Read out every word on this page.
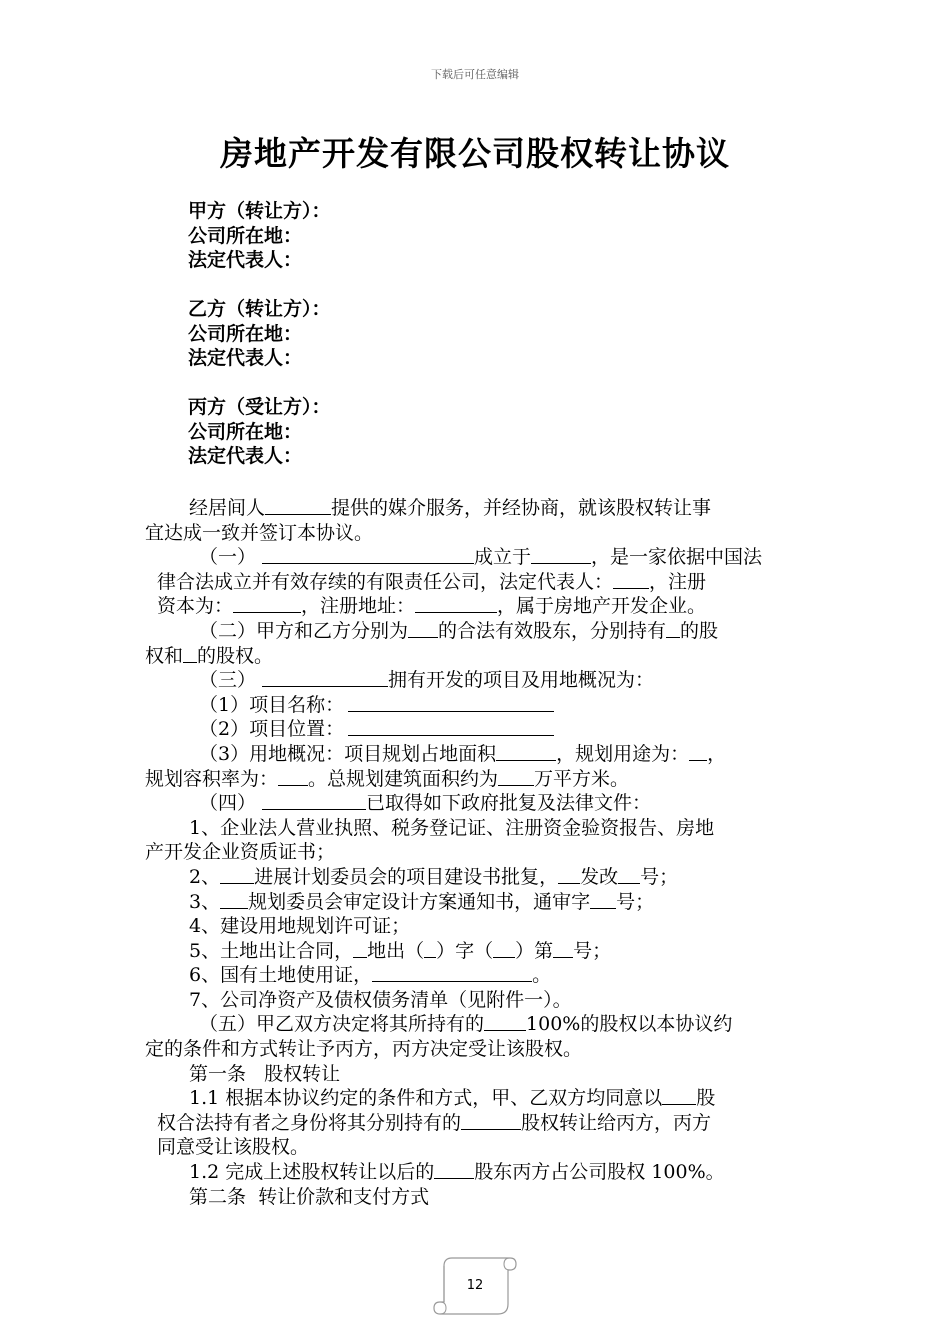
下载后可任意编辑
房地产开发有限公司股权转让协议
甲方（转让方）：
公司所在地：
法定代表人：
乙方（转让方）：
公司所在地：
法定代表人：
丙方（受让方）：
公司所在地：
法定代表人：

经居间人	提供的媒介服务，并经协商，就该股权转让事

宜达成一致并签订本协议。

（一）	成立于	，是一家依据中国法

律合法成立并有效存续的有限责任公司，法定代表人： ，注册

资本为：	，注册地址：	，属于房地产开发企业。

（二）甲方和乙方分别为 的合法有效股东，分别持有 的股

权和 的股权。

（三）	拥有开发的项目及用地概况为：

（1）项目名称：

（2）项目位置：

（3）用地概况：项目规划占地面积	，规划用途为： ，

规划容积率为： 。总规划建筑面积约为 万平方米。

（四）	已取得如下政府批复及法律文件：

1、企业法人营业执照、税务登记证、注册资金验资报告、房地

产开发企业资质证书；

2、 进展计划委员会的项目建设书批复， 发改 号；

3、 规划委员会审定设计方案通知书，通审字 号；

4、建设用地规划许可证；

5、土地出让合同， 地出（ ）字（ ）第 号；

6、国有土地使用证，	。

7、公司净资产及债权债务清单（见附件一）。

（五）甲乙双方决定将其所持有的 100%的股权以本协议约

定的条件和方式转让予丙方，丙方决定受让该股权。

第一条   股权转让

1.1 根据本协议约定的条件和方式，甲、乙双方均同意以 股

权合法持有者之身份将其分别持有的	股权转让给丙方，丙方

同意受让该股权。

1.2 完成上述股权转让以后的 股东丙方占公司股权 100%。

第二条  转让价款和支付方式

12
